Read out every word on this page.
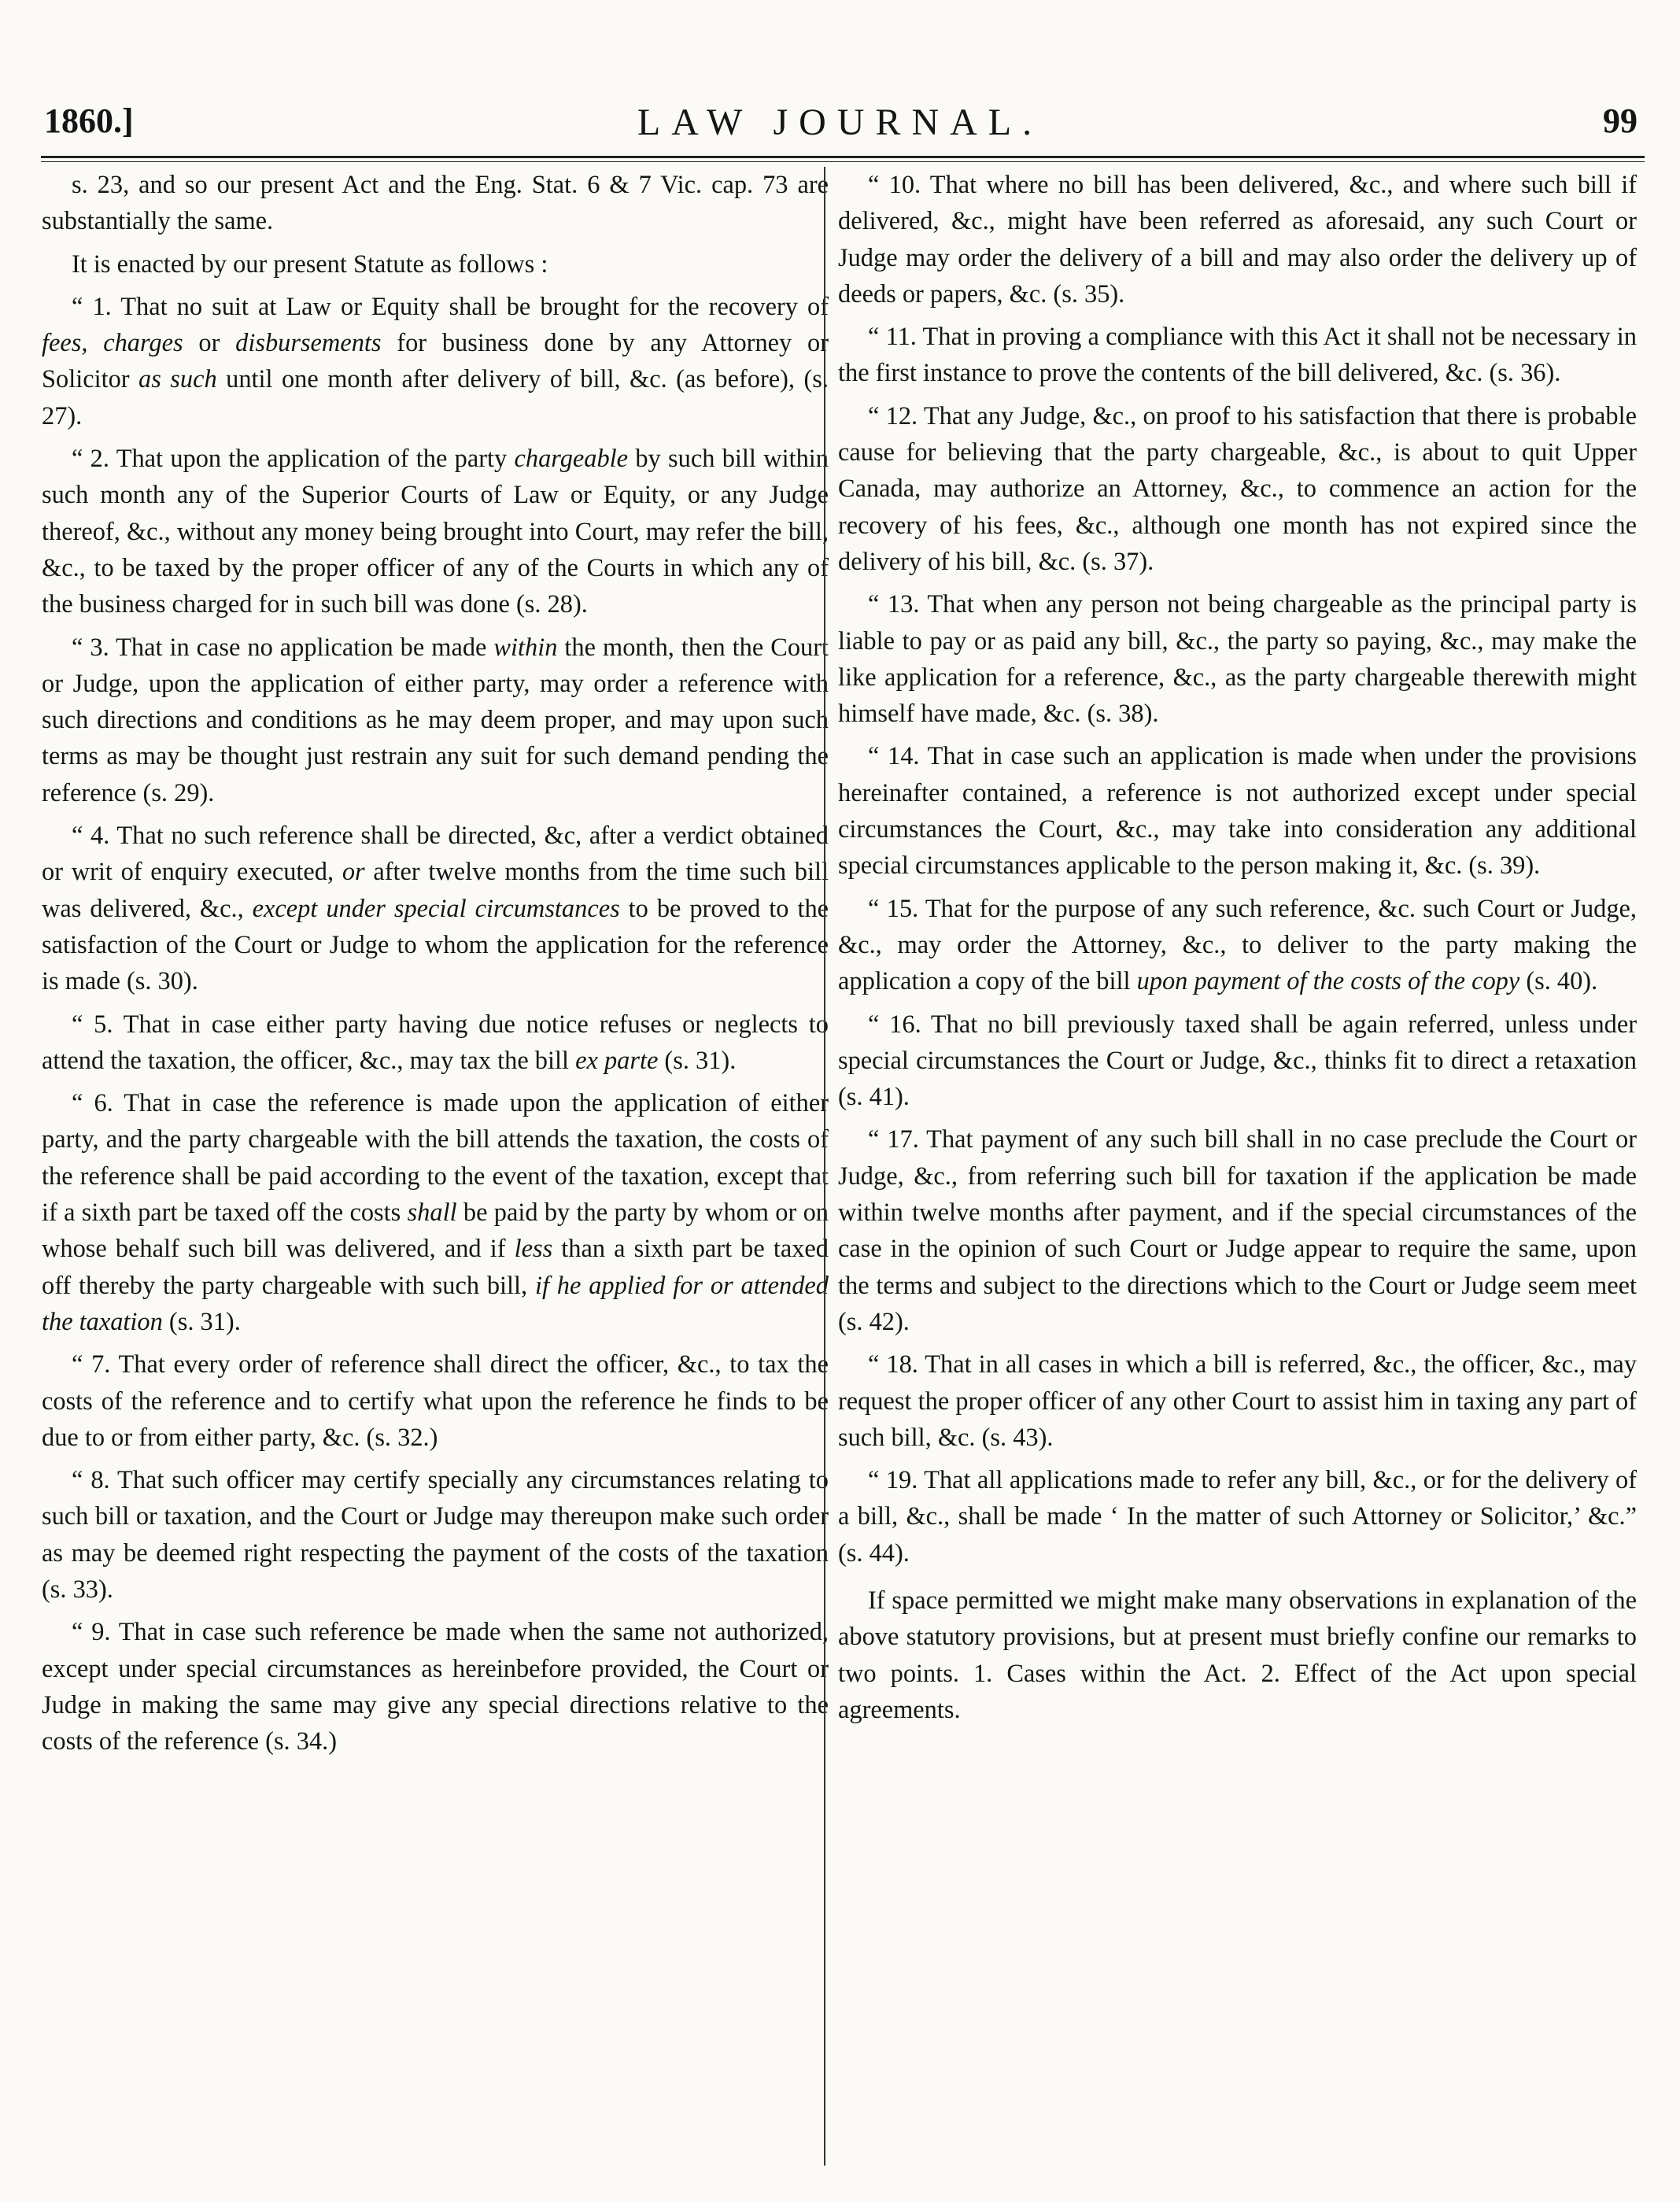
1860.]	LAW JOURNAL.	99

s. 23, and so our present Act and the Eng. Stat. 6 & 7 Vic. cap. 73 are substantially the same.

It is enacted by our present Statute as follows :

“ 1. That no suit at Law or Equity shall be brought for the recovery of fees, charges or disbursements for business done by any Attorney or Solicitor as such until one month after delivery of bill, &c. (as before), (s. 27).

“ 2. That upon the application of the party chargeable by such bill within such month any of the Superior Courts of Law or Equity, or any Judge thereof, &c., without any money being brought into Court, may refer the bill, &c., to be taxed by the proper officer of any of the Courts in which any of the business charged for in such bill was done (s. 28).

“ 3. That in case no application be made within the month, then the Court or Judge, upon the application of either party, may order a reference with such directions and conditions as he may deem proper, and may upon such terms as may be thought just restrain any suit for such demand pending the reference (s. 29).

“ 4. That no such reference shall be directed, &c, after a verdict obtained or writ of enquiry executed, or after twelve months from the time such bill was delivered, &c., except under special circumstances to be proved to the satisfaction of the Court or Judge to whom the application for the reference is made (s. 30).

“ 5. That in case either party having due notice refuses or neglects to attend the taxation, the officer, &c., may tax the bill ex parte (s. 31).

“ 6. That in case the reference is made upon the application of either party, and the party chargeable with the bill attends the taxation, the costs of the reference shall be paid according to the event of the taxation, except that if a sixth part be taxed off the costs shall be paid by the party by whom or on whose behalf such bill was delivered, and if less than a sixth part be taxed off thereby the party chargeable with such bill, if he applied for or attended the taxation (s. 31).

“ 7. That every order of reference shall direct the officer, &c., to tax the costs of the reference and to certify what upon the reference he finds to be due to or from either party, &c. (s. 32.)

“ 8. That such officer may certify specially any circumstances relating to such bill or taxation, and the Court or Judge may thereupon make such order as may be deemed right respecting the payment of the costs of the taxation (s. 33).

“ 9. That in case such reference be made when the same not authorized, except under special circumstances as hereinbefore provided, the Court or Judge in making the same may give any special directions relative to the costs of the reference (s. 34.)

“ 10. That where no bill has been delivered, &c., and where such bill if delivered, &c., might have been referred as aforesaid, any such Court or Judge may order the delivery of a bill and may also order the delivery up of deeds or papers, &c. (s. 35).

“ 11. That in proving a compliance with this Act it shall not be necessary in the first instance to prove the contents of the bill delivered, &c. (s. 36).

“ 12. That any Judge, &c., on proof to his satisfaction that there is probable cause for believing that the party chargeable, &c., is about to quit Upper Canada, may authorize an Attorney, &c., to commence an action for the recovery of his fees, &c., although one month has not expired since the delivery of his bill, &c. (s. 37).

“ 13. That when any person not being chargeable as the principal party is liable to pay or as paid any bill, &c., the party so paying, &c., may make the like application for a reference, &c., as the party chargeable therewith might himself have made, &c. (s. 38).

“ 14. That in case such an application is made when under the provisions hereinafter contained, a reference is not authorized except under special circumstances the Court, &c., may take into consideration any additional special circumstances applicable to the person making it, &c. (s. 39).

“ 15. That for the purpose of any such reference, &c. such Court or Judge, &c., may order the Attorney, &c., to deliver to the party making the application a copy of the bill upon payment of the costs of the copy (s. 40).

“ 16. That no bill previously taxed shall be again referred, unless under special circumstances the Court or Judge, &c., thinks fit to direct a retaxation (s. 41).

“ 17. That payment of any such bill shall in no case preclude the Court or Judge, &c., from referring such bill for taxation if the application be made within twelve months after payment, and if the special circumstances of the case in the opinion of such Court or Judge appear to require the same, upon the terms and subject to the directions which to the Court or Judge seem meet (s. 42).

“ 18. That in all cases in which a bill is referred, &c., the officer, &c., may request the proper officer of any other Court to assist him in taxing any part of such bill, &c. (s. 43).

“ 19. That all applications made to refer any bill, &c., or for the delivery of a bill, &c., shall be made ‘ In the matter of such Attorney or Solicitor,’ &c.” (s. 44).

If space permitted we might make many observations in explanation of the above statutory provisions, but at present must briefly confine our remarks to two points. 1. Cases within the Act. 2. Effect of the Act upon special agreements.
